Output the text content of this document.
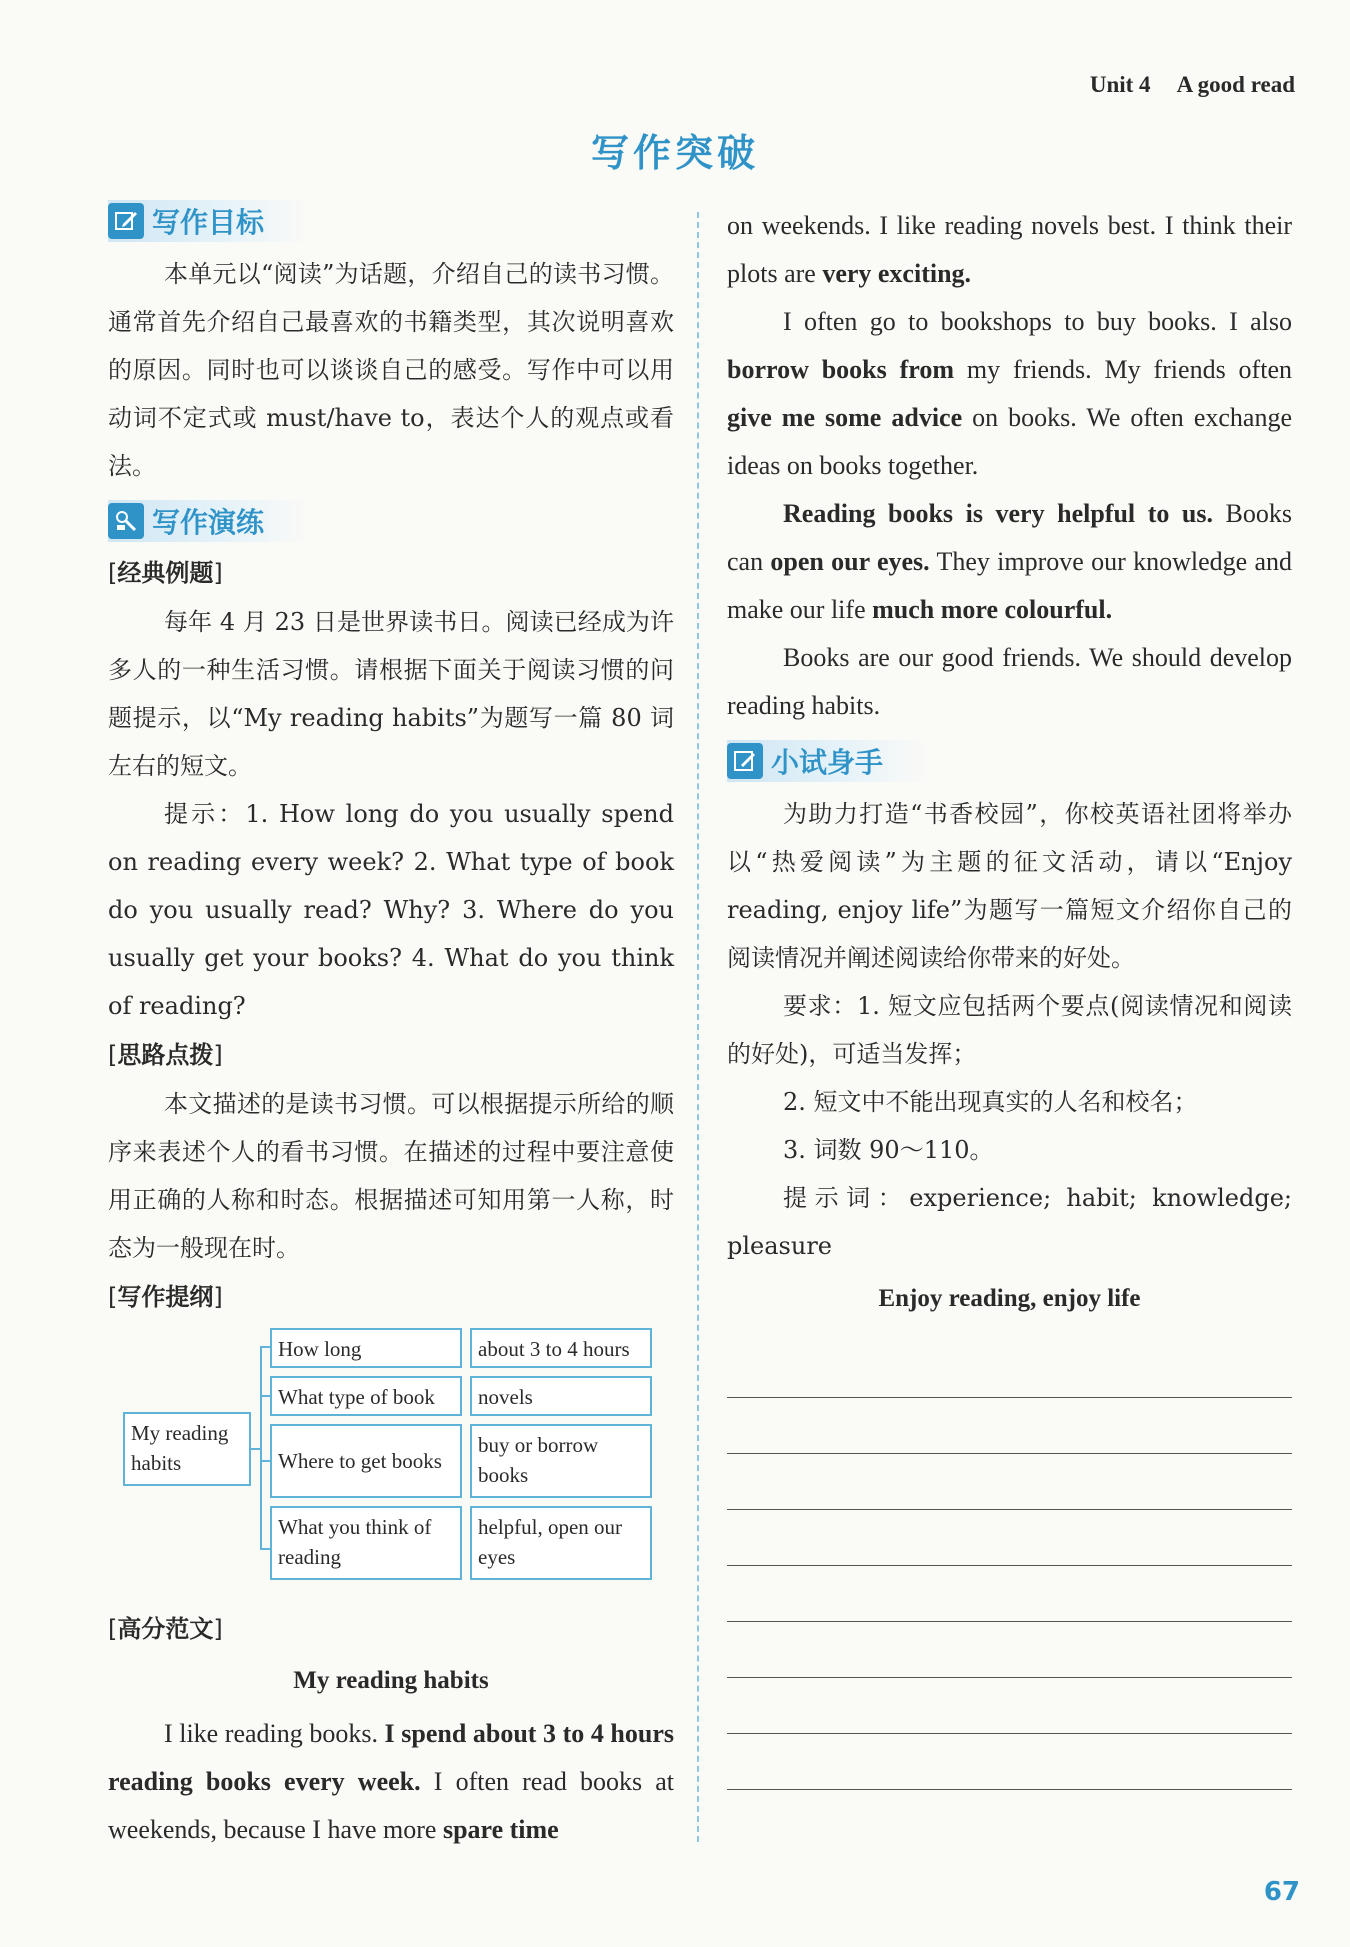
Unit 4 A good read
写作突破
写作目标

本单元以“阅读”为话题，介绍自己的读书习惯。通常首先介绍自己最喜欢的书籍类型，其次说明喜欢的原因。同时也可以谈谈自己的感受。写作中可以用动词不定式或 must/have to，表达个人的观点或看法。

写作演练
[经典例题]

每年 4 月 23 日是世界读书日。阅读已经成为许多人的一种生活习惯。请根据下面关于阅读习惯的问题提示，以“My reading habits”为题写一篇 80 词左右的短文。

提示：1. How long do you usually spend on reading every week? 2. What type of book do you usually read? Why? 3. Where do you usually get your books? 4. What do you think of reading?

[思路点拨]

本文描述的是读书习惯。可以根据提示所给的顺序来表述个人的看书习惯。在描述的过程中要注意使用正确的人称和时态。根据描述可知用第一人称，时态为一般现在时。

[写作提纲]
My reading habits
How long	about 3 to 4 hours
What type of book	novels
Where to get books
buy or borrow books
What you think of reading
helpful, open our eyes
[高分范文]
My reading habits

I like reading books. I spend about 3 to 4 hours reading books every week. I often read books at weekends, because I have more spare time

on weekends. I like reading novels best. I think their plots are very exciting.

I often go to bookshops to buy books. I also borrow books from my friends. My friends often give me some advice on books. We often exchange ideas on books together.

Reading books is very helpful to us. Books can open our eyes. They improve our knowledge and make our life much more colourful.

Books are our good friends. We should develop reading habits.

小试身手

为助力打造“书香校园”，你校英语社团将举办以“热爱阅读”为主题的征文活动，请以“Enjoy reading, enjoy life”为题写一篇短文介绍你自己的阅读情况并阐述阅读给你带来的好处。

要求：1. 短文应包括两个要点(阅读情况和阅读的好处)，可适当发挥；

2. 短文中不能出现真实的人名和校名；

3. 词数 90～110。

提示词：experience; habit; knowledge; pleasure

Enjoy reading, enjoy life
67
